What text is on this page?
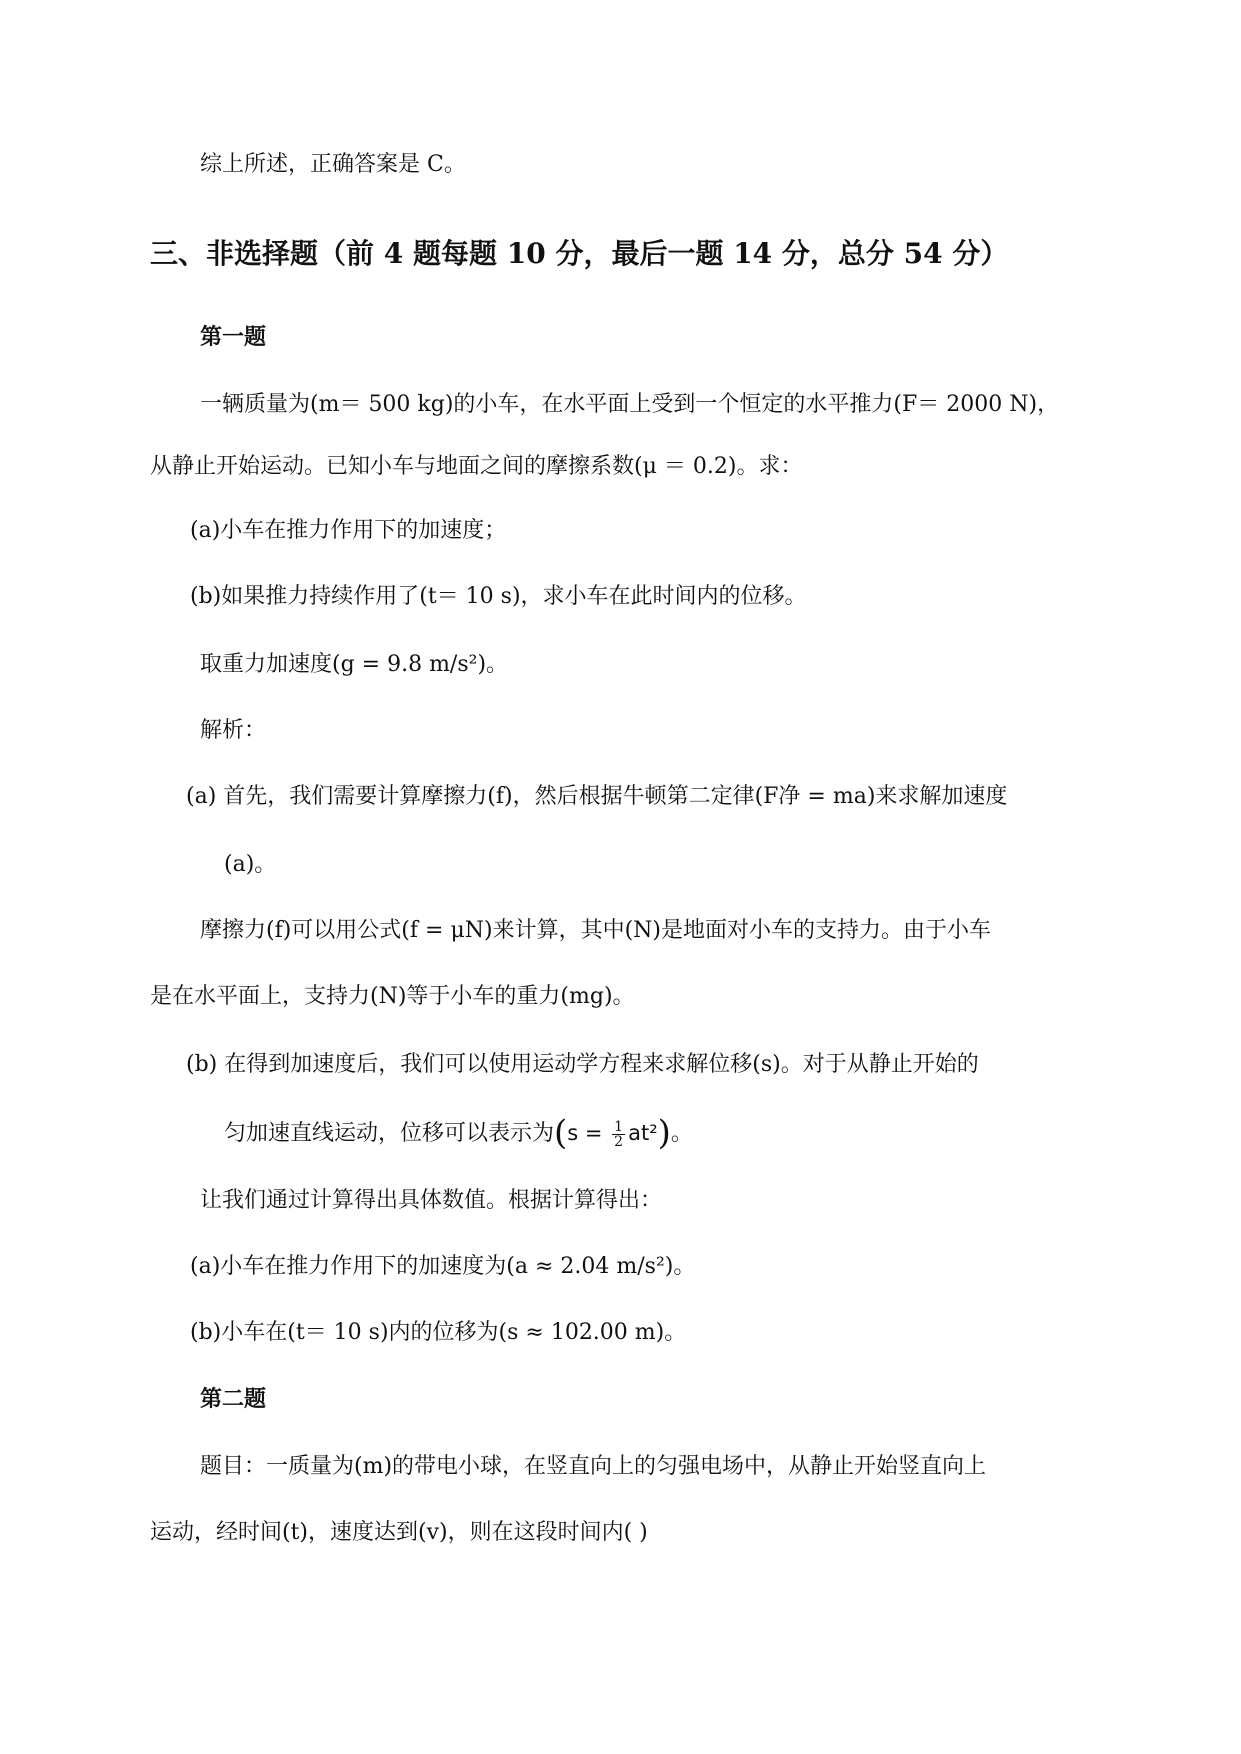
综上所述，正确答案是 C。
三、非选择题（前 4 题每题 10 分，最后一题 14 分，总分 54 分）
第一题
一辆质量为(m＝ 500 kg)的小车，在水平面上受到一个恒定的水平推力(F＝ 2000 N)，
从静止开始运动。已知小车与地面之间的摩擦系数(μ ＝ 0.2)。求：
(a)小车在推力作用下的加速度；
(b)如果推力持续作用了(t＝ 10 s)，求小车在此时间内的位移。
取重力加速度(g = 9.8 m/s²)。
解析：
(a) 首先，我们需要计算摩擦力(f)，然后根据牛顿第二定律(F净 = ma)来求解加速度
(a)。
摩擦力(f)可以用公式(f = μN)来计算，其中(N)是地面对小车的支持力。由于小车
是在水平面上，支持力(N)等于小车的重力(mg)。
(b) 在得到加速度后，我们可以使用运动学方程来求解位移(s)。对于从静止开始的
匀加速直线运动，位移可以表示为$(s = \frac{1}{2} at^2)$。
让我们通过计算得出具体数值。根据计算得出：
(a)小车在推力作用下的加速度为(a ≈ 2.04 m/s²)。
(b)小车在(t＝ 10 s)内的位移为(s ≈ 102.00 m)。
第二题
题目：一质量为(m)的带电小球，在竖直向上的匀强电场中，从静止开始竖直向上
运动，经时间(t)，速度达到(v)，则在这段时间内( )
